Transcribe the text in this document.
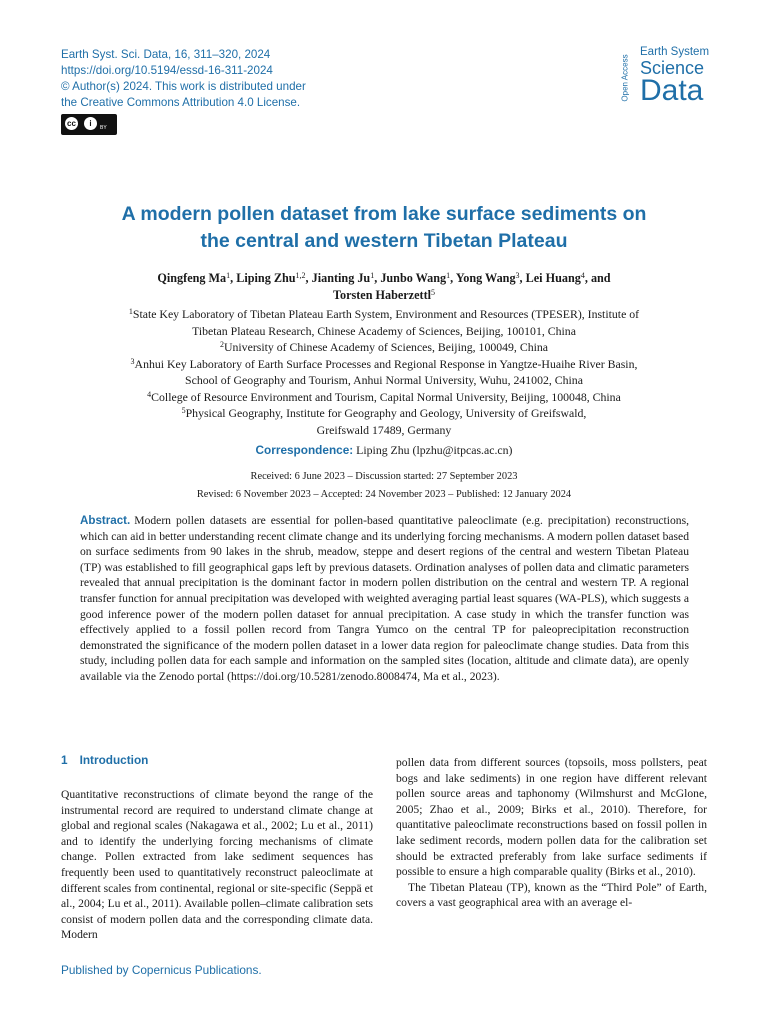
Earth Syst. Sci. Data, 16, 311–320, 2024
https://doi.org/10.5194/essd-16-311-2024
© Author(s) 2024. This work is distributed under
the Creative Commons Attribution 4.0 License.
cc	i	BY
Open Access
Earth System
Science
Data
A modern pollen dataset from lake surface sediments on
the central and western Tibetan Plateau
Qingfeng Ma$^1$, Liping Zhu$^{1,2}$, Jianting Ju$^1$, Junbo Wang$^1$, Yong Wang$^3$, Lei Huang$^4$, and
Torsten Haberzettl$^5$
$^1$State Key Laboratory of Tibetan Plateau Earth System, Environment and Resources (TPESER), Institute of
Tibetan Plateau Research, Chinese Academy of Sciences, Beijing, 100101, China
$^2$University of Chinese Academy of Sciences, Beijing, 100049, China
$^3$Anhui Key Laboratory of Earth Surface Processes and Regional Response in Yangtze-Huaihe River Basin,
School of Geography and Tourism, Anhui Normal University, Wuhu, 241002, China
$^4$College of Resource Environment and Tourism, Capital Normal University, Beijing, 100048, China
$^5$Physical Geography, Institute for Geography and Geology, University of Greifswald,
Greifswald 17489, Germany
Correspondence: Liping Zhu (lpzhu@itpcas.ac.cn)
Received: 6 June 2023 – Discussion started: 27 September 2023
Revised: 6 November 2023 – Accepted: 24 November 2023 – Published: 12 January 2024
Abstract. Modern pollen datasets are essential for pollen-based quantitative paleoclimate (e.g. precipitation) reconstructions, which can aid in better understanding recent climate change and its underlying forcing mechanisms. A modern pollen dataset based on surface sediments from 90 lakes in the shrub, meadow, steppe and desert regions of the central and western Tibetan Plateau (TP) was established to fill geographical gaps left by previous datasets. Ordination analyses of pollen data and climatic parameters revealed that annual precipitation is the dominant factor in modern pollen distribution on the central and western TP. A regional transfer function for annual precipitation was developed with weighted averaging partial least squares (WA-PLS), which suggests a good inference power of the modern pollen dataset for annual precipitation. A case study in which the transfer function was effectively applied to a fossil pollen record from Tangra Yumco on the central TP for paleoprecipitation reconstruction demonstrated the significance of the modern pollen dataset in a lower data region for paleoclimate change studies. Data from this study, including pollen data for each sample and information on the sampled sites (location, altitude and climate data), are openly available via the Zenodo portal (https://doi.org/10.5281/zenodo.8008474, Ma et al., 2023).
1 Introduction

Quantitative reconstructions of climate beyond the range of the instrumental record are required to understand climate change at global and regional scales (Nakagawa et al., 2002; Lu et al., 2011) and to identify the underlying forcing mechanisms of climate change. Pollen extracted from lake sediment sequences has frequently been used to quantitatively reconstruct paleoclimate at different scales from continental, regional or site-specific (Seppä et al., 2004; Lu et al., 2011). Available pollen–climate calibration sets consist of modern pollen data and the corresponding climate data. Modern

pollen data from different sources (topsoils, moss pollsters, peat bogs and lake sediments) in one region have different relevant pollen source areas and taphonomy (Wilmshurst and McGlone, 2005; Zhao et al., 2009; Birks et al., 2010). Therefore, for quantitative paleoclimate reconstructions based on fossil pollen in lake sediment records, modern pollen data for the calibration set should be extracted preferably from lake surface sediments if possible to ensure a high comparable quality (Birks et al., 2010).

The Tibetan Plateau (TP), known as the “Third Pole” of Earth, covers a vast geographical area with an average el-

Published by Copernicus Publications.
